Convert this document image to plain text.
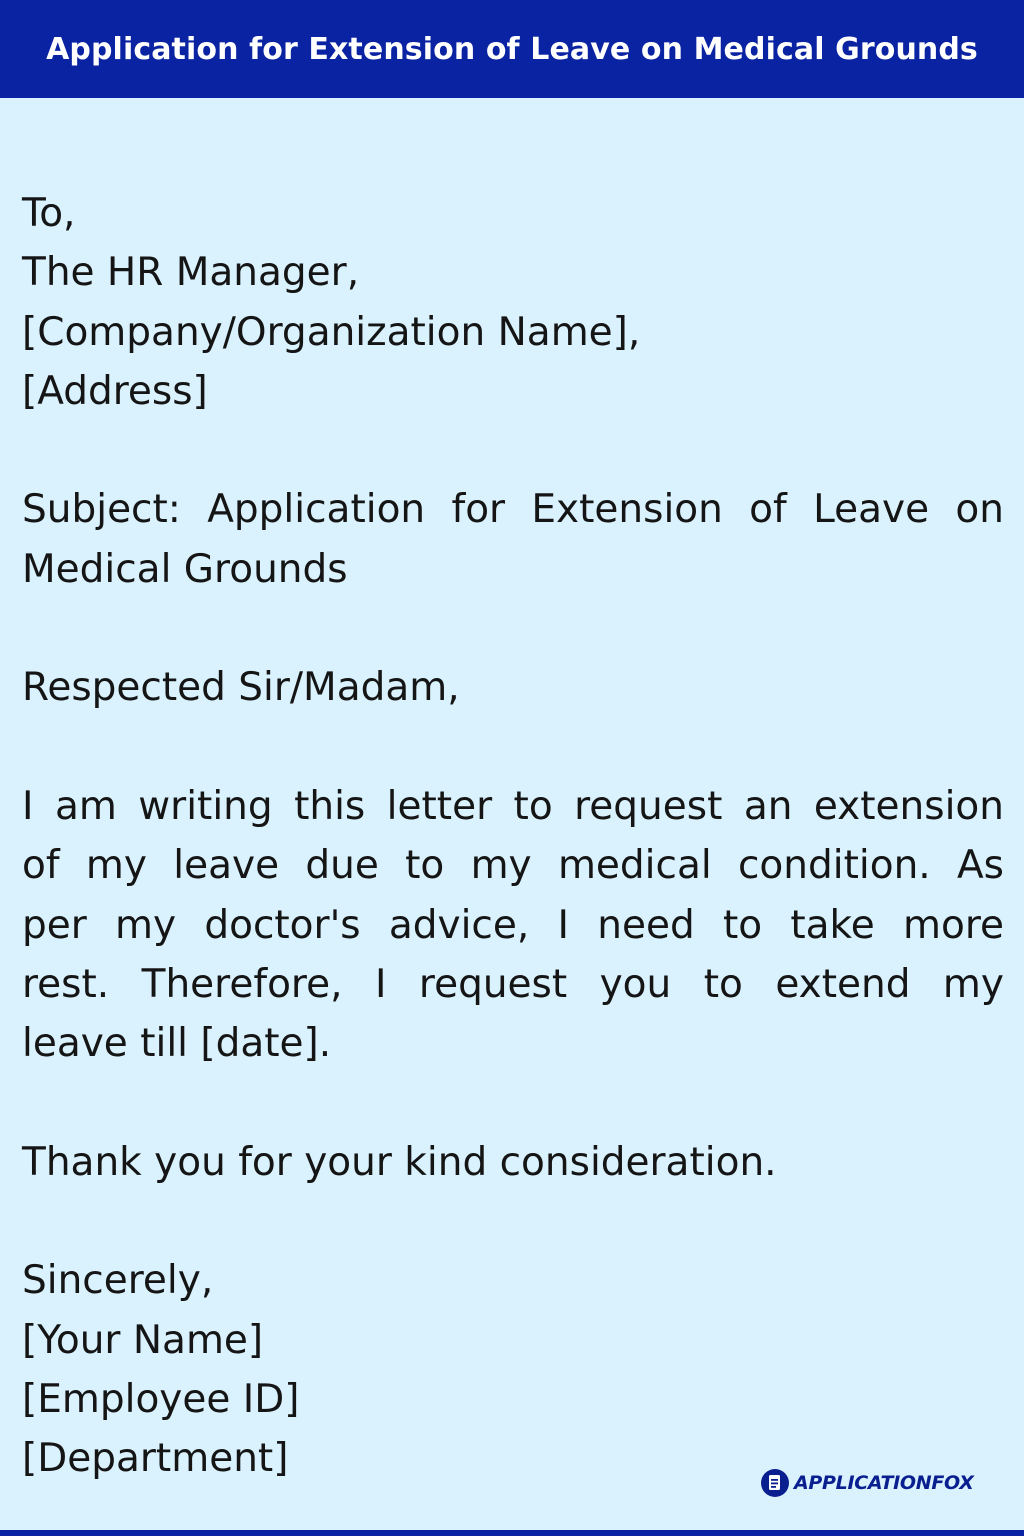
Application for Extension of Leave on Medical Grounds
To,
The HR Manager,
[Company/Organization Name],
[Address]
Subject: Application for Extension of Leave on
Medical Grounds
Respected Sir/Madam,
I am writing this letter to request an extension
of my leave due to my medical condition. As
per my doctor's advice, I need to take more
rest. Therefore, I request you to extend my
leave till [date].
Thank you for your kind consideration.
Sincerely,
[Your Name]
[Employee ID]
[Department]
APPLICATIONFOX
